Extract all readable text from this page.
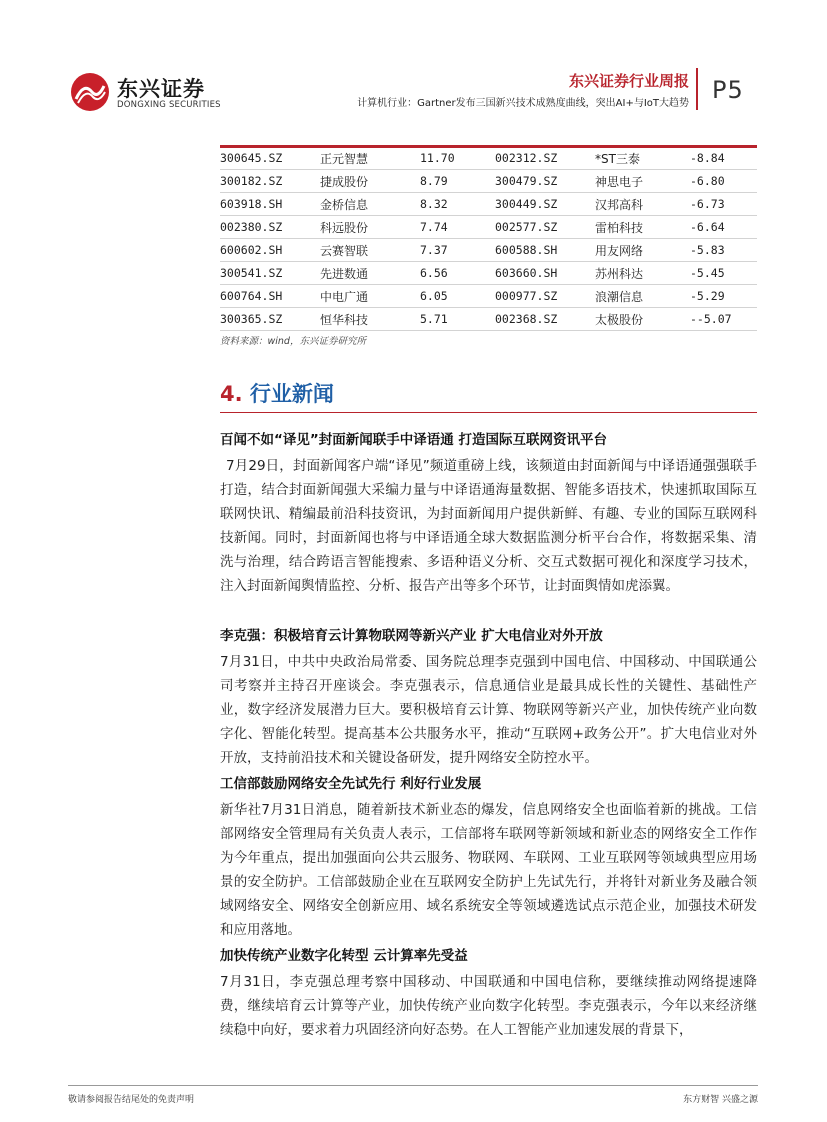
东兴证券
DONGXING SECURITIES
东兴证券行业周报
计算机行业：Gartner发布三国新兴技术成熟度曲线，突出AI+与IoT大趋势 P5
300645.SZ	正元智慧	11.70	002312.SZ	*ST三泰	-8.84
300182.SZ	捷成股份	8.79	300479.SZ	神思电子	-6.80
603918.SH	金桥信息	8.32	300449.SZ	汉邦高科	-6.73
002380.SZ	科远股份	7.74	002577.SZ	雷柏科技	-6.64
600602.SH	云赛智联	7.37	600588.SH	用友网络	-5.83
300541.SZ	先进数通	6.56	603660.SH	苏州科达	-5.45
600764.SH	中电广通	6.05	000977.SZ	浪潮信息	-5.29
300365.SZ	恒华科技	5.71	002368.SZ	太极股份	--5.07
资料来源：wind，东兴证券研究所
4. 行业新闻
百闻不如“译见”封面新闻联手中译语通 打造国际互联网资讯平台

7月29日，封面新闻客户端“译见”频道重磅上线，该频道由封面新闻与中译语通强强联手打造，结合封面新闻强大采编力量与中译语通海量数据、智能多语技术，快速抓取国际互联网快讯、精编最前沿科技资讯，为封面新闻用户提供新鲜、有趣、专业的国际互联网科技新闻。同时，封面新闻也将与中译语通全球大数据监测分析平台合作，将数据采集、清洗与治理，结合跨语言智能搜索、多语种语义分析、交互式数据可视化和深度学习技术，注入封面新闻舆情监控、分析、报告产出等多个环节，让封面舆情如虎添翼。

李克强：积极培育云计算物联网等新兴产业 扩大电信业对外开放

7月31日，中共中央政治局常委、国务院总理李克强到中国电信、中国移动、中国联通公司考察并主持召开座谈会。李克强表示，信息通信业是最具成长性的关键性、基础性产业，数字经济发展潜力巨大。要积极培育云计算、物联网等新兴产业，加快传统产业向数字化、智能化转型。提高基本公共服务水平，推动“互联网+政务公开”。扩大电信业对外开放，支持前沿技术和关键设备研发，提升网络安全防控水平。

工信部鼓励网络安全先试先行 利好行业发展

新华社7月31日消息，随着新技术新业态的爆发，信息网络安全也面临着新的挑战。工信部网络安全管理局有关负责人表示，工信部将车联网等新领域和新业态的网络安全工作作为今年重点，提出加强面向公共云服务、物联网、车联网、工业互联网等领域典型应用场景的安全防护。工信部鼓励企业在互联网安全防护上先试先行，并将针对新业务及融合领域网络安全、网络安全创新应用、域名系统安全等领域遴选试点示范企业，加强技术研发和应用落地。

加快传统产业数字化转型 云计算率先受益

7月31日，李克强总理考察中国移动、中国联通和中国电信称，要继续推动网络提速降费，继续培育云计算等产业，加快传统产业向数字化转型。李克强表示，今年以来经济继续稳中向好，要求着力巩固经济向好态势。在人工智能产业加速发展的背景下，

敬请参阅报告结尾处的免责声明	东方财智 兴盛之源
